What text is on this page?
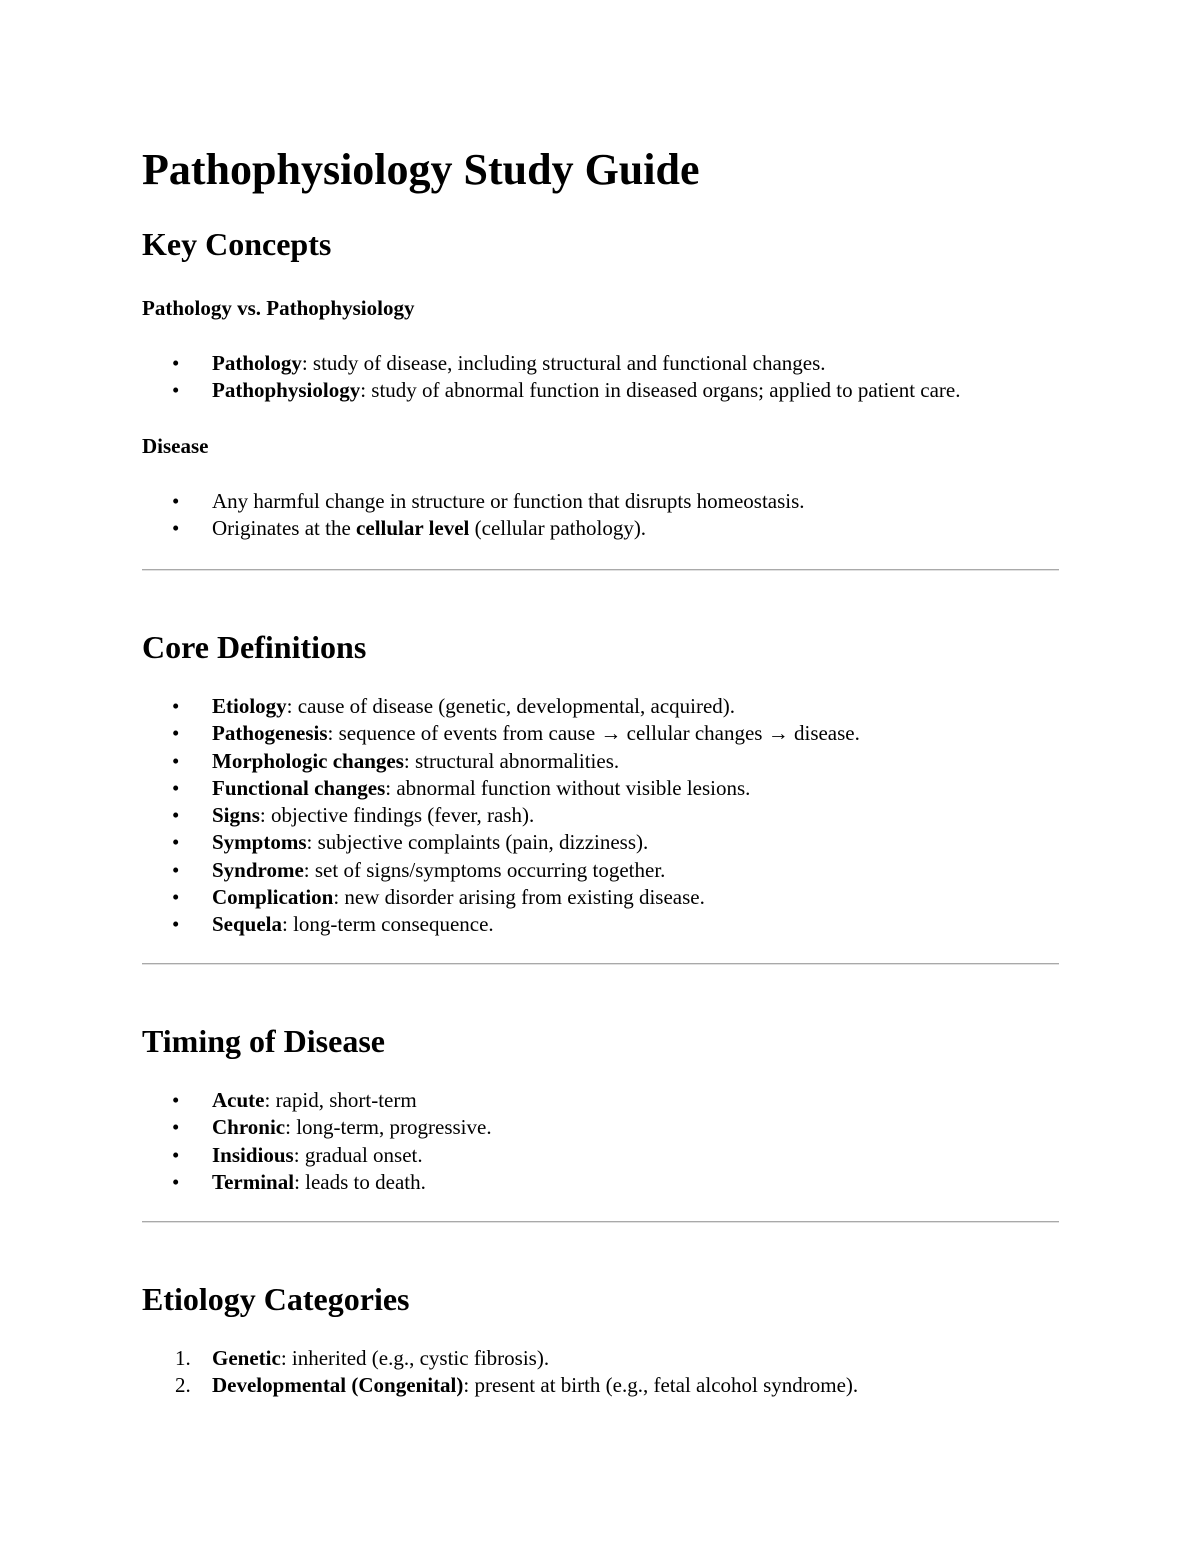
Pathophysiology Study Guide
Key Concepts
Pathology vs. Pathophysiology
• Pathology: study of disease, including structural and functional changes.
• Pathophysiology: study of abnormal function in diseased organs; applied to patient care.
Disease
• Any harmful change in structure or function that disrupts homeostasis.
• Originates at the cellular level (cellular pathology).
Core Definitions
• Etiology: cause of disease (genetic, developmental, acquired).
• Pathogenesis: sequence of events from cause → cellular changes → disease.
• Morphologic changes: structural abnormalities.
• Functional changes: abnormal function without visible lesions.
• Signs: objective findings (fever, rash).
• Symptoms: subjective complaints (pain, dizziness).
• Syndrome: set of signs/symptoms occurring together.
• Complication: new disorder arising from existing disease.
• Sequela: long-term consequence.
Timing of Disease
• Acute: rapid, short-term
• Chronic: long-term, progressive.
• Insidious: gradual onset.
• Terminal: leads to death.
Etiology Categories
1. Genetic: inherited (e.g., cystic fibrosis).
2. Developmental (Congenital): present at birth (e.g., fetal alcohol syndrome).
